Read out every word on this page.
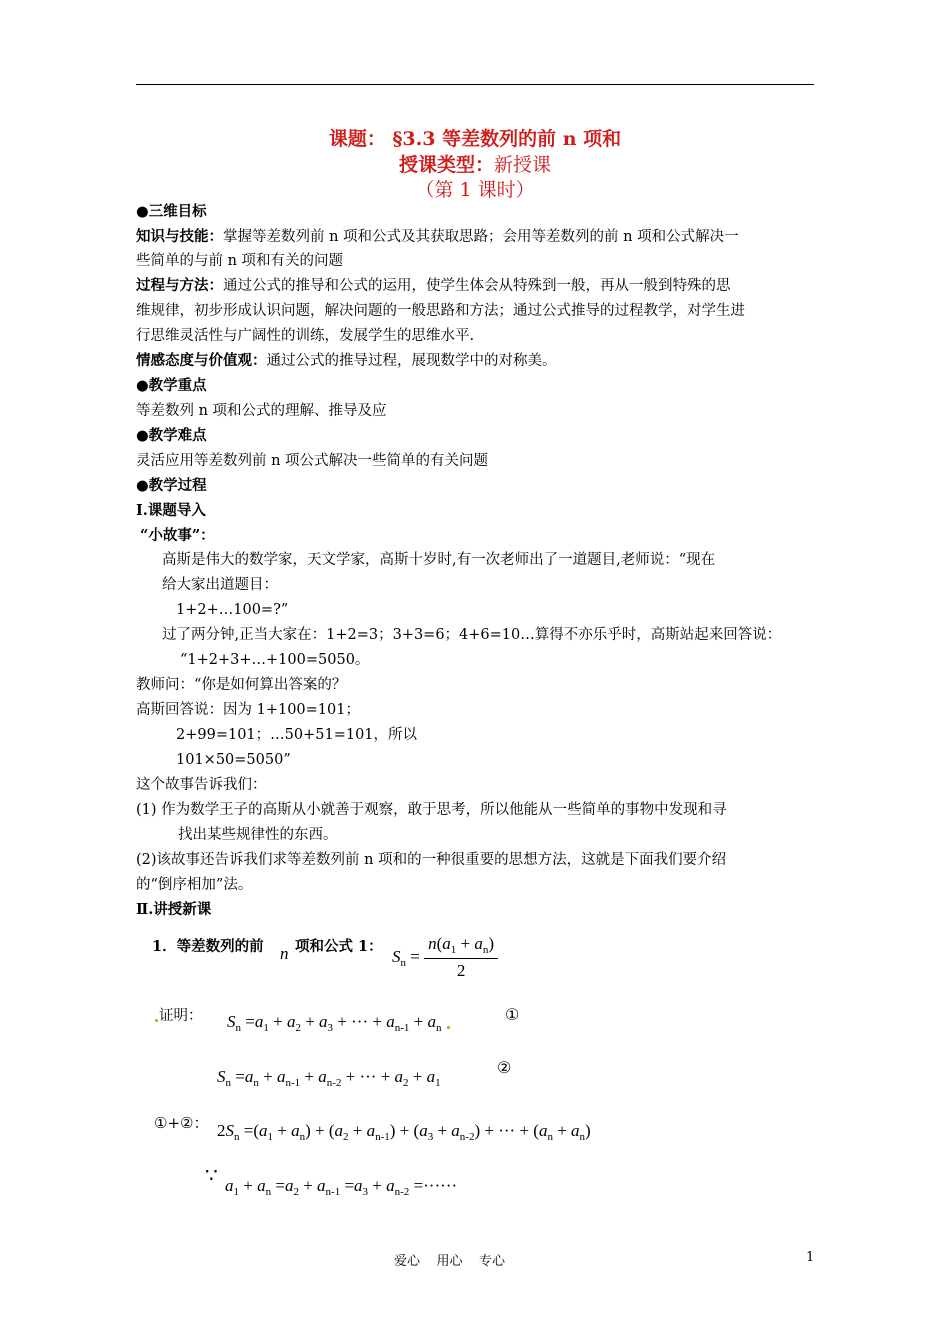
课题： §3.3 等差数列的前 n 项和
授课类型：新授课
（第 1 课时）
●三维目标
知识与技能：掌握等差数列前 n 项和公式及其获取思路；会用等差数列的前 n 项和公式解决一
些简单的与前 n 项和有关的问题
过程与方法：通过公式的推导和公式的运用，使学生体会从特殊到一般，再从一般到特殊的思
维规律，初步形成认识问题，解决问题的一般思路和方法；通过公式推导的过程教学，对学生进
行思维灵活性与广阔性的训练，发展学生的思维水平.
情感态度与价值观：通过公式的推导过程，展现数学中的对称美。
●教学重点
等差数列 n 项和公式的理解、推导及应
●教学难点
灵活应用等差数列前 n 项公式解决一些简单的有关问题
●教学过程
Ⅰ.课题导入
“小故事”：
高斯是伟大的数学家，天文学家，高斯十岁时,有一次老师出了一道题目,老师说：“现在
给大家出道题目：
1+2+…100=?”
过了两分钟,正当大家在：1+2=3；3+3=6；4+6=10…算得不亦乐乎时，高斯站起来回答说：
“1+2+3+…+100=5050。
教师问：“你是如何算出答案的？
高斯回答说：因为 1+100=101；
2+99=101；…50+51=101，所以
101×50=5050”
这个故事告诉我们：
(1) 作为数学王子的高斯从小就善于观察，敢于思考，所以他能从一些简单的事物中发现和寻
找出某些规律性的东西。
(2)该故事还告诉我们求等差数列前 n 项和的一种很重要的思想方法，这就是下面我们要介绍
的“倒序相加”法。
Ⅱ.讲授新课
1．等差数列的前 n 项和公式 1： $S_n = \frac{n(a_1 + a_n)}{2}$
证明： $S_n =a_1 + a_2 + a_3$ + ··· + $a_{n-1} + a_n$
①
$S_n =a_n + a_{n-1} + a_{n-2}$ + ··· + $a_2 + a_1$
②
①+②： $2S_n =(a_1 + a_n) + (a_2 + a_{n-1}) + (a_3 + a_{n-2})$ + ··· + $(a_n + a_n)$
∵ $a_1 + a_n =a_2 + a_{n-1} =a_3 + a_{n-2}$ =······
爱心    用心    专心	1
